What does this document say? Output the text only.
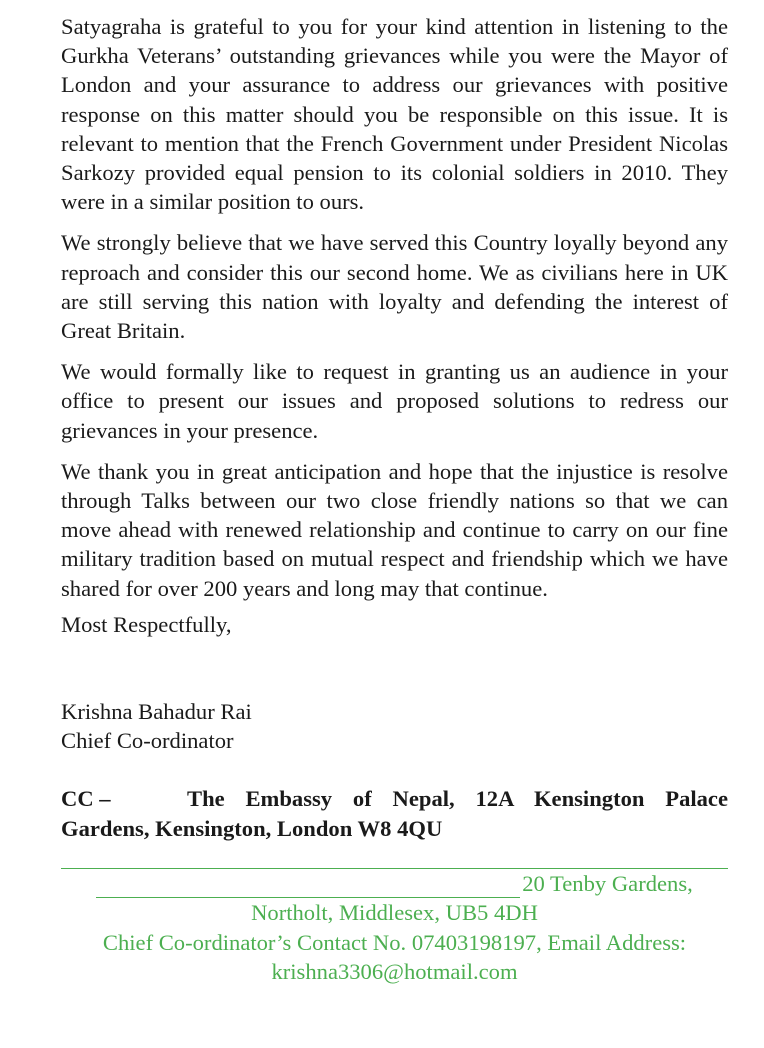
Satyagraha is grateful to you for your kind attention in listening to the Gurkha Veterans’ outstanding grievances while you were the Mayor of London and your assurance to address our grievances with positive response on this matter should you be responsible on this issue. It is relevant to mention that the French Government under President Nicolas Sarkozy provided equal pension to its colonial soldiers in 2010. They were in a similar position to ours.

We strongly believe that we have served this Country loyally beyond any reproach and consider this our second home. We as civilians here in UK are still serving this nation with loyalty and defending the interest of Great Britain.

We would formally like to request in granting us an audience in your office to present our issues and proposed solutions to redress our grievances in your presence.

We thank you in great anticipation and hope that the injustice is resolve through Talks between our two close friendly nations so that we can move ahead with renewed relationship and continue to carry on our fine military tradition based on mutual respect and friendship which we have shared for over 200 years and long may that continue.

Most Respectfully,

Krishna Bahadur Rai

Chief Co-ordinator

CC –	The Embassy of Nepal, 12A Kensington Palace Gardens, Kensington, London W8 4QU
20 Tenby Gardens,
Northolt, Middlesex, UB5 4DH
Chief Co-ordinator’s Contact No. 07403198197, Email Address:
krishna3306@hotmail.com
